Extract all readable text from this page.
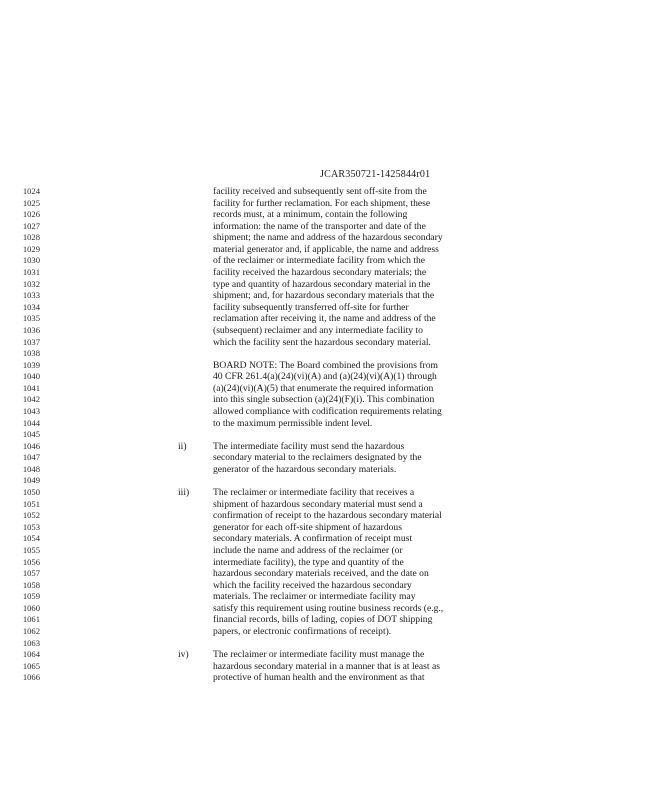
JCAR350721-1425844r01
1024	facility received and subsequently sent off-site from the
1025	facility for further reclamation. For each shipment, these
1026	records must, at a minimum, contain the following
1027	information: the name of the transporter and date of the
1028	shipment; the name and address of the hazardous secondary
1029	material generator and, if applicable, the name and address
1030	of the reclaimer or intermediate facility from which the
1031	facility received the hazardous secondary materials; the
1032	type and quantity of hazardous secondary material in the
1033	shipment; and, for hazardous secondary materials that the
1034	facility subsequently transferred off-site for further
1035	reclamation after receiving it, the name and address of the
1036	(subsequent) reclaimer and any intermediate facility to
1037	which the facility sent the hazardous secondary material.
1038
1039	BOARD NOTE: The Board combined the provisions from
1040	40 CFR 261.4(a)(24)(vi)(A) and (a)(24)(vi)(A)(1) through
1041	(a)(24)(vi)(A)(5) that enumerate the required information
1042	into this single subsection (a)(24)(F)(i). This combination
1043	allowed compliance with codification requirements relating
1044	to the maximum permissible indent level.
1045
1046	ii)	The intermediate facility must send the hazardous
1047	secondary material to the reclaimers designated by the
1048	generator of the hazardous secondary materials.
1049
1050	iii) The reclaimer or intermediate facility that receives a
1051	shipment of hazardous secondary material must send a
1052	confirmation of receipt to the hazardous secondary material
1053	generator for each off-site shipment of hazardous
1054	secondary materials. A confirmation of receipt must
1055	include the name and address of the reclaimer (or
1056	intermediate facility), the type and quantity of the
1057	hazardous secondary materials received, and the date on
1058	which the facility received the hazardous secondary
1059	materials. The reclaimer or intermediate facility may
1060	satisfy this requirement using routine business records (e.g.,
1061	financial records, bills of lading, copies of DOT shipping
1062	papers, or electronic confirmations of receipt).
1063
1064	iv)	The reclaimer or intermediate facility must manage the
1065	hazardous secondary material in a manner that is at least as
1066	protective of human health and the environment as that
